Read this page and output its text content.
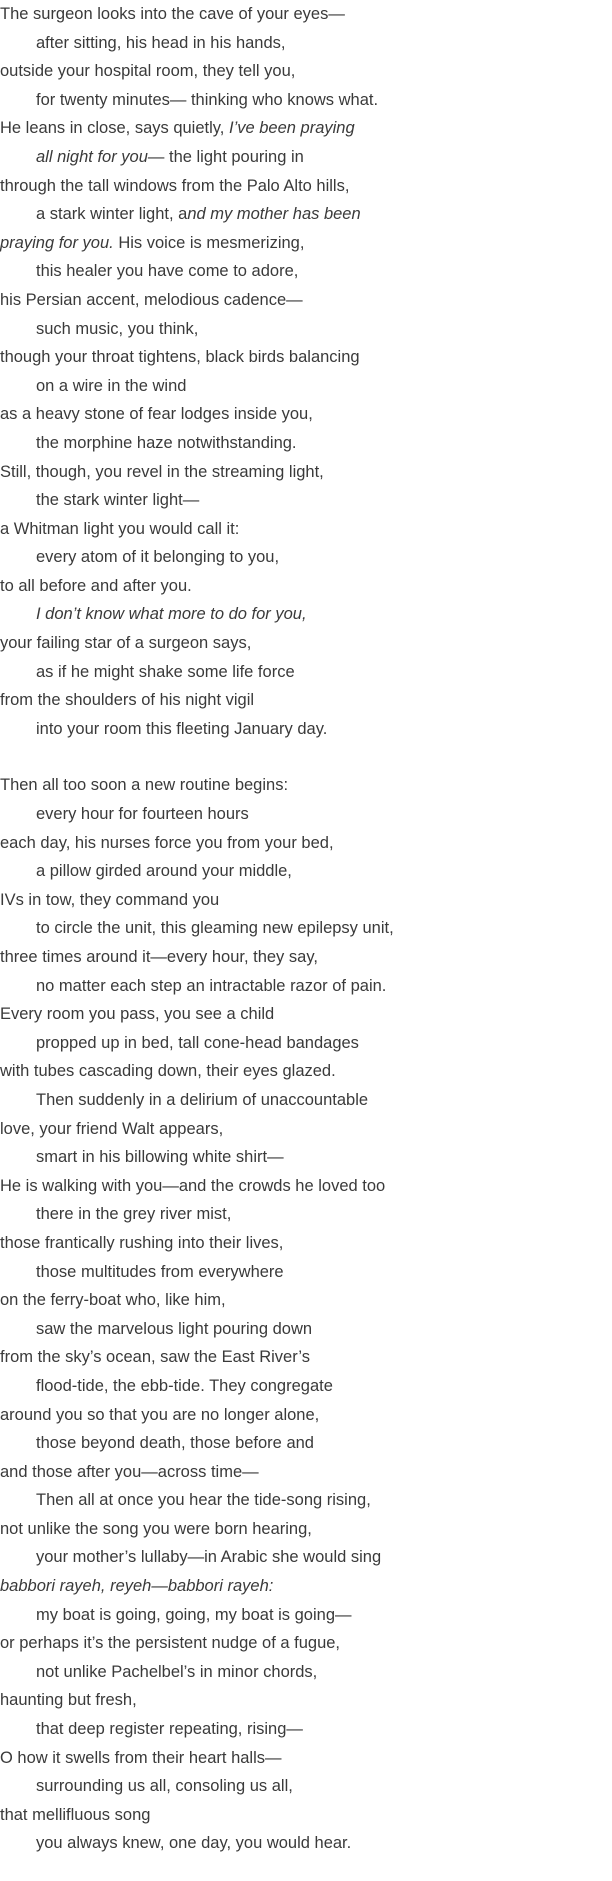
The surgeon looks into the cave of your eyes—
after sitting, his head in his hands,
outside your hospital room, they tell you,
for twenty minutes— thinking who knows what.
He leans in close, says quietly, I’ve been praying
all night for you— the light pouring in
through the tall windows from the Palo Alto hills,
a stark winter light, and my mother has been
praying for you. His voice is mesmerizing,
this healer you have come to adore,
his Persian accent, melodious cadence—
such music, you think,
though your throat tightens, black birds balancing
on a wire in the wind
as a heavy stone of fear lodges inside you,
the morphine haze notwithstanding.
Still, though, you revel in the streaming light,
the stark winter light—
a Whitman light you would call it:
every atom of it belonging to you,
to all before and after you.
I don’t know what more to do for you,
your failing star of a surgeon says,
as if he might shake some life force
from the shoulders of his night vigil
into your room this fleeting January day.
Then all too soon a new routine begins:
every hour for fourteen hours
each day, his nurses force you from your bed,
a pillow girded around your middle,
IVs in tow, they command you
to circle the unit, this gleaming new epilepsy unit,
three times around it—every hour, they say,
no matter each step an intractable razor of pain.
Every room you pass, you see a child
propped up in bed, tall cone-head bandages
with tubes cascading down, their eyes glazed.
Then suddenly in a delirium of unaccountable
love, your friend Walt appears,
smart in his billowing white shirt—
He is walking with you—and the crowds he loved too
there in the grey river mist,
those frantically rushing into their lives,
those multitudes from everywhere
on the ferry-boat who, like him,
saw the marvelous light pouring down
from the sky’s ocean, saw the East River’s
flood-tide, the ebb-tide. They congregate
around you so that you are no longer alone,
those beyond death, those before and
and those after you—across time—
Then all at once you hear the tide-song rising,
not unlike the song you were born hearing,
your mother’s lullaby—in Arabic she would sing
babbori rayeh, reyeh—babbori rayeh:
my boat is going, going, my boat is going—
or perhaps it’s the persistent nudge of a fugue,
not unlike Pachelbel’s in minor chords,
haunting but fresh,
that deep register repeating, rising—
O how it swells from their heart halls—
surrounding us all, consoling us all,
that mellifluous song
you always knew, one day, you would hear.
